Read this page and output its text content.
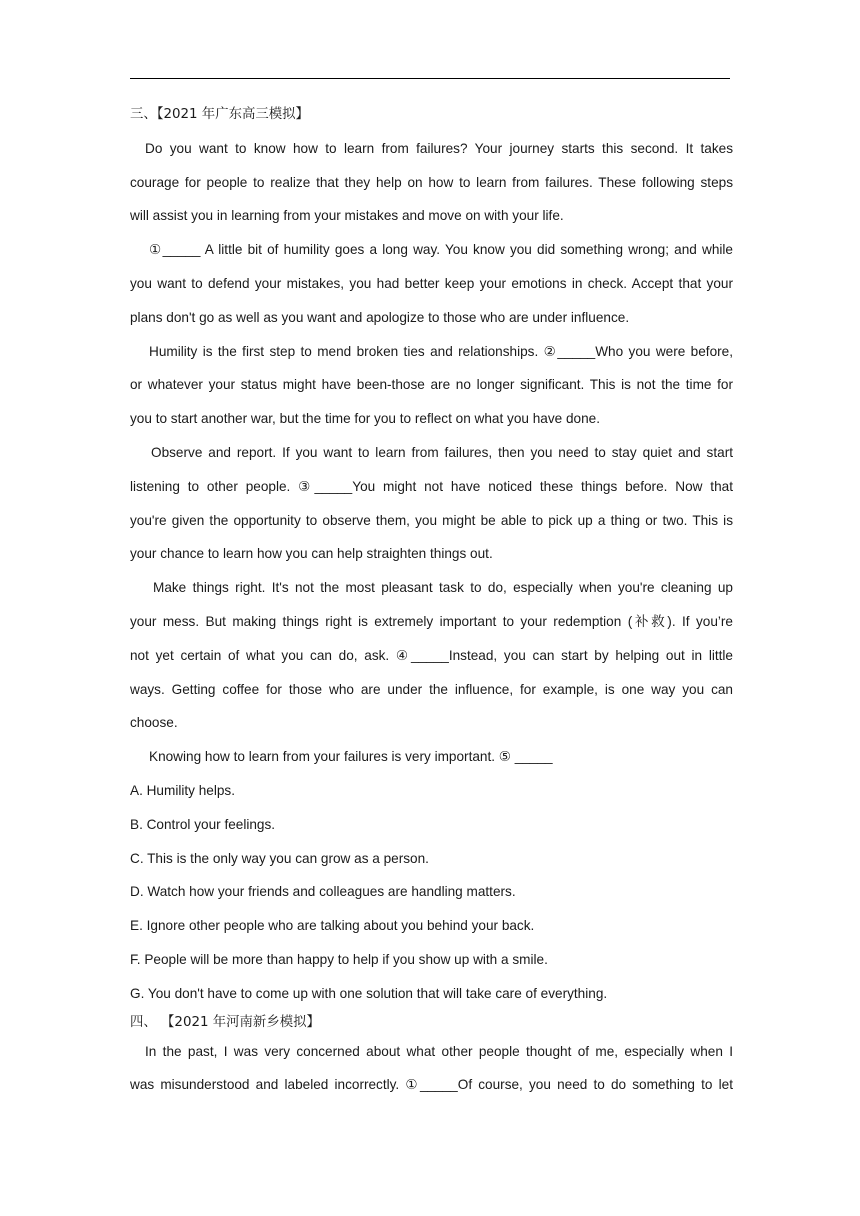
三、【2021 年广东高三模拟】
Do you want to know how to learn from failures? Your journey starts this second. It takes
courage for people to realize that they help on how to learn from failures. These following steps
will assist you in learning from your mistakes and move on with your life.
①_____ A little bit of humility goes a long way. You know you did something wrong; and while
you want to defend your mistakes, you had better keep your emotions in check. Accept that your
plans don't go as well as you want and apologize to those who are under influence.
Humility is the first step to mend broken ties and relationships. ②_____Who you were before,
or whatever your status might have been-those are no longer significant. This is not the time for
you to start another war, but the time for you to reflect on what you have done.
Observe and report. If you want to learn from failures, then you need to stay quiet and start
listening to other people. ③_____You might not have noticed these things before. Now that
you're given the opportunity to observe them, you might be able to pick up a thing or two. This is
your chance to learn how you can help straighten things out.
Make things right. It's not the most pleasant task to do, especially when you're cleaning up
your mess. But making things right is extremely important to your redemption (补救). If you’re
not yet certain of what you can do, ask. ④_____Instead, you can start by helping out in little
ways. Getting coffee for those who are under the influence, for example, is one way you can
choose.
Knowing how to learn from your failures is very important. ⑤ _____
A. Humility helps.
B. Control your feelings.
C. This is the only way you can grow as a person.
D. Watch how your friends and colleagues are handling matters.
E. Ignore other people who are talking about you behind your back.
F. People will be more than happy to help if you show up with a smile.
G. You don't have to come up with one solution that will take care of everything.
四、 【2021 年河南新乡模拟】
In the past, I was very concerned about what other people thought of me, especially when I
was misunderstood and labeled incorrectly. ①_____Of course, you need to do something to let
